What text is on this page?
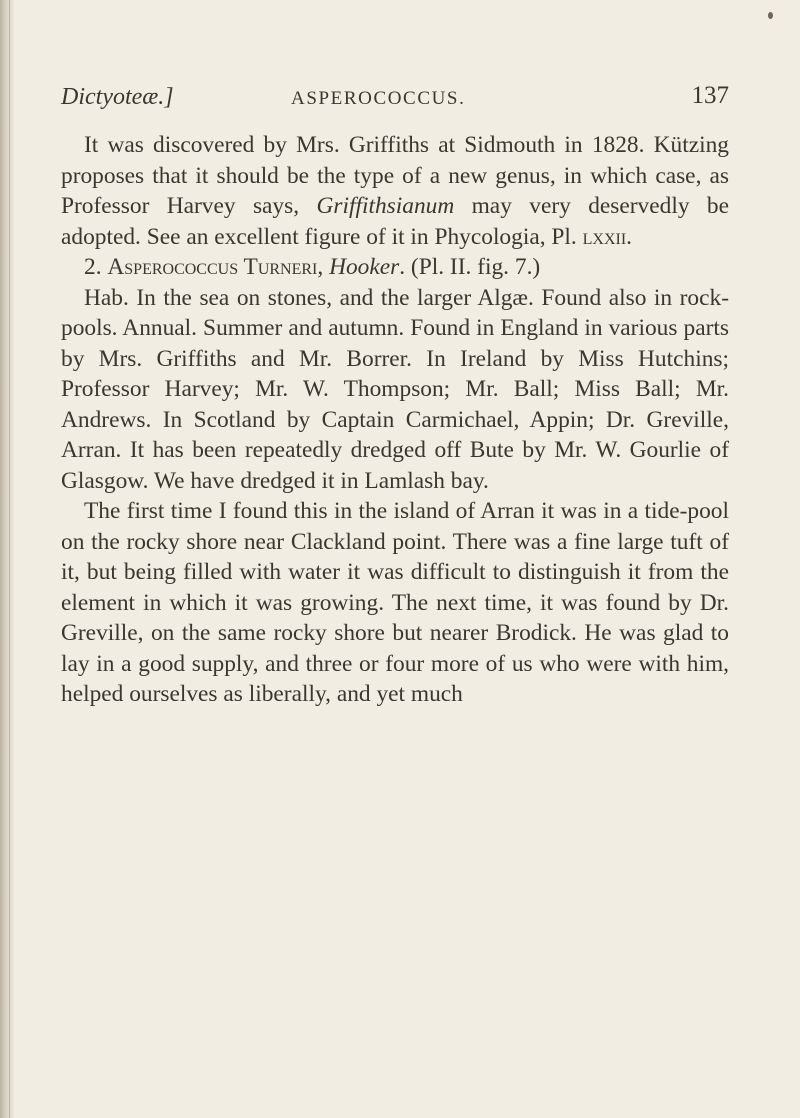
Dictyoteæ.]	ASPEROCOCCUS.	137

It was discovered by Mrs. Griffiths at Sidmouth in 1828. Kützing proposes that it should be the type of a new genus, in which case, as Professor Harvey says, Griffithsianum may very deservedly be adopted. See an excellent figure of it in Phycologia, Pl. lxxii.

2. Asperococcus Turneri, Hooker. (Pl. II. fig. 7.)

Hab. In the sea on stones, and the larger Algæ. Found also in rock-pools. Annual. Summer and autumn. Found in England in various parts by Mrs. Griffiths and Mr. Borrer. In Ireland by Miss Hutchins; Professor Harvey; Mr. W. Thompson; Mr. Ball; Miss Ball; Mr. Andrews. In Scotland by Captain Carmichael, Appin; Dr. Greville, Arran. It has been repeatedly dredged off Bute by Mr. W. Gourlie of Glasgow. We have dredged it in Lamlash bay.

The first time I found this in the island of Arran it was in a tide-pool on the rocky shore near Clackland point. There was a fine large tuft of it, but being filled with water it was difficult to distinguish it from the element in which it was growing. The next time, it was found by Dr. Greville, on the same rocky shore but nearer Brodick. He was glad to lay in a good supply, and three or four more of us who were with him, helped ourselves as liberally, and yet much
